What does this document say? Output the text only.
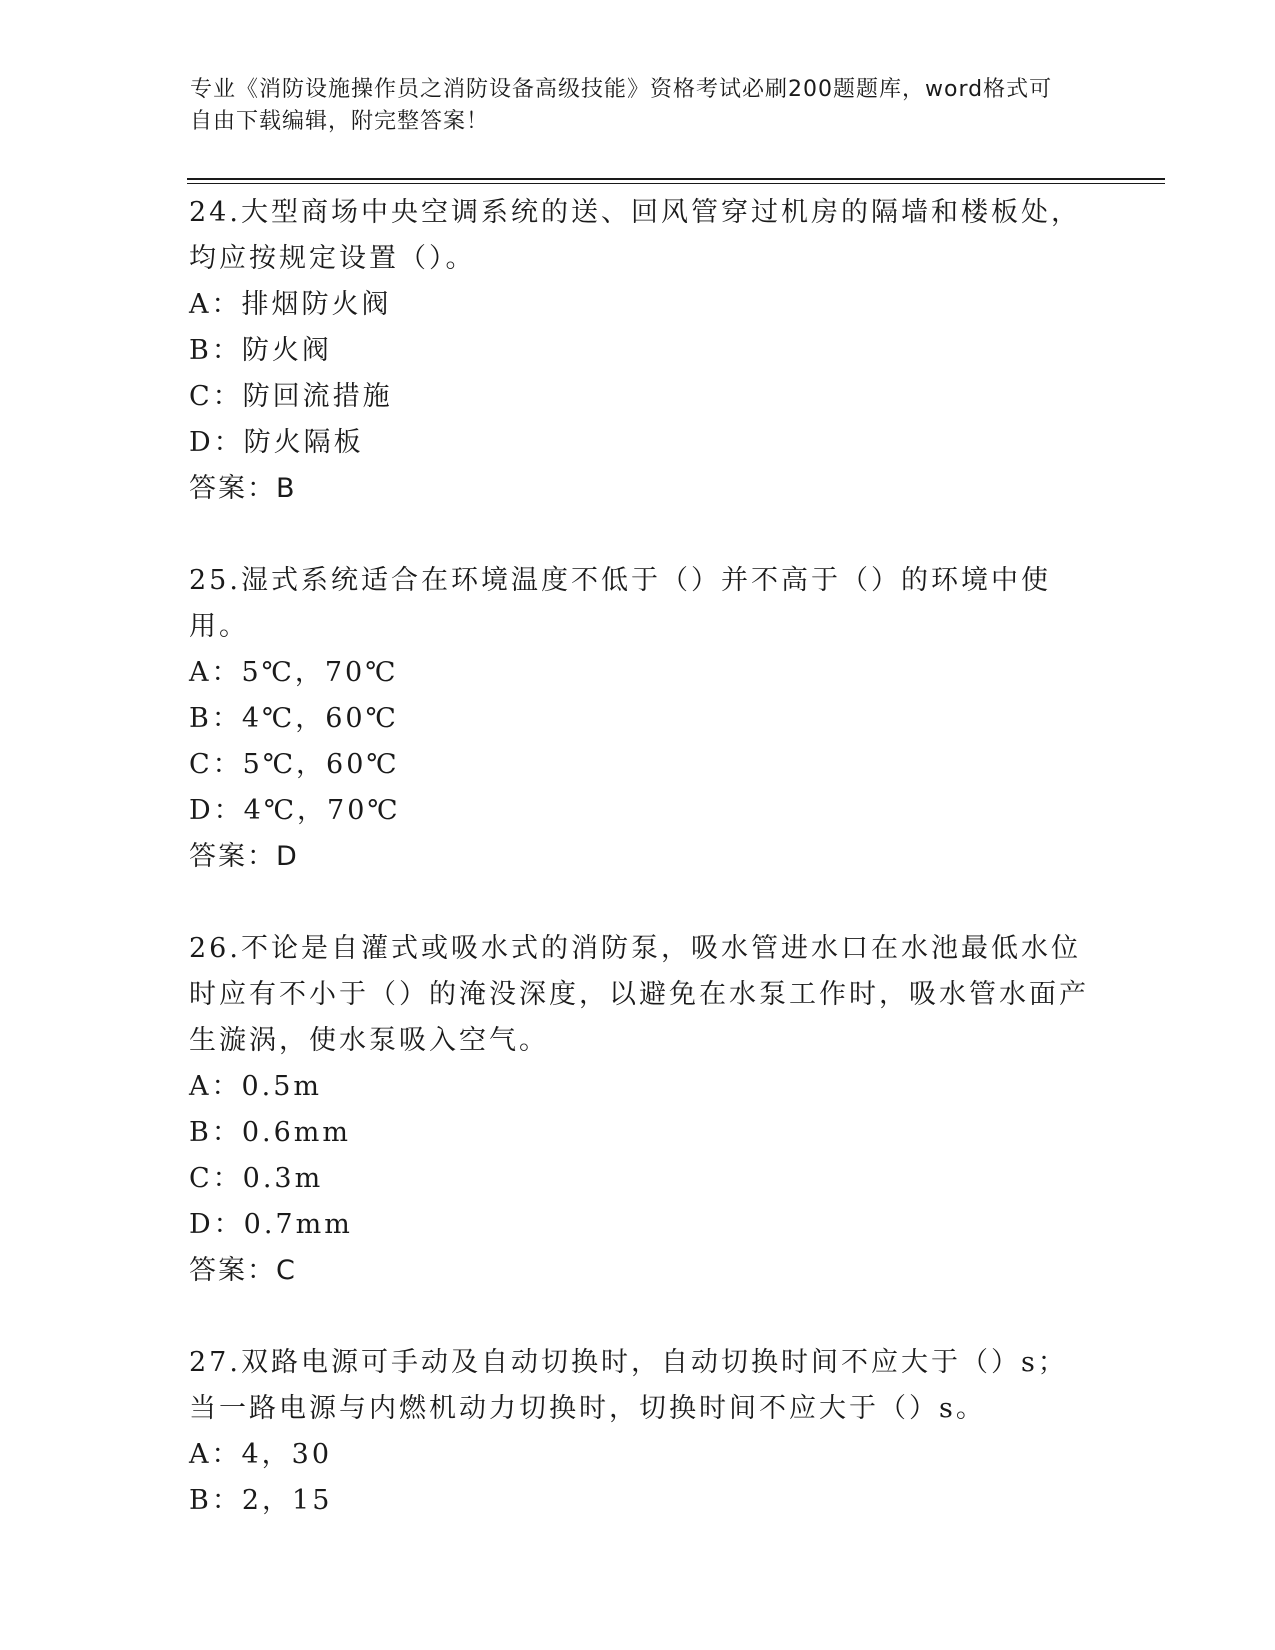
专业《消防设施操作员之消防设备高级技能》资格考试必刷200题题库，word格式可自由下载编辑，附完整答案！

24.大型商场中央空调系统的送、回风管穿过机房的隔墙和楼板处，均应按规定设置（）。

A：排烟防火阀

B：防火阀

C：防回流措施

D：防火隔板

答案：B

25.湿式系统适合在环境温度不低于（）并不高于（）的环境中使用。

A：5℃，70℃

B：4℃，60℃

C：5℃，60℃

D：4℃，70℃

答案：D

26.不论是自灌式或吸水式的消防泵，吸水管进水口在水池最低水位时应有不小于（）的淹没深度，以避免在水泵工作时，吸水管水面产生漩涡，使水泵吸入空气。

A：0.5m

B：0.6mm

C：0.3m

D：0.7mm

答案：C

27.双路电源可手动及自动切换时，自动切换时间不应大于（）s；当一路电源与内燃机动力切换时，切换时间不应大于（）s。

A：4，30

B：2，15
